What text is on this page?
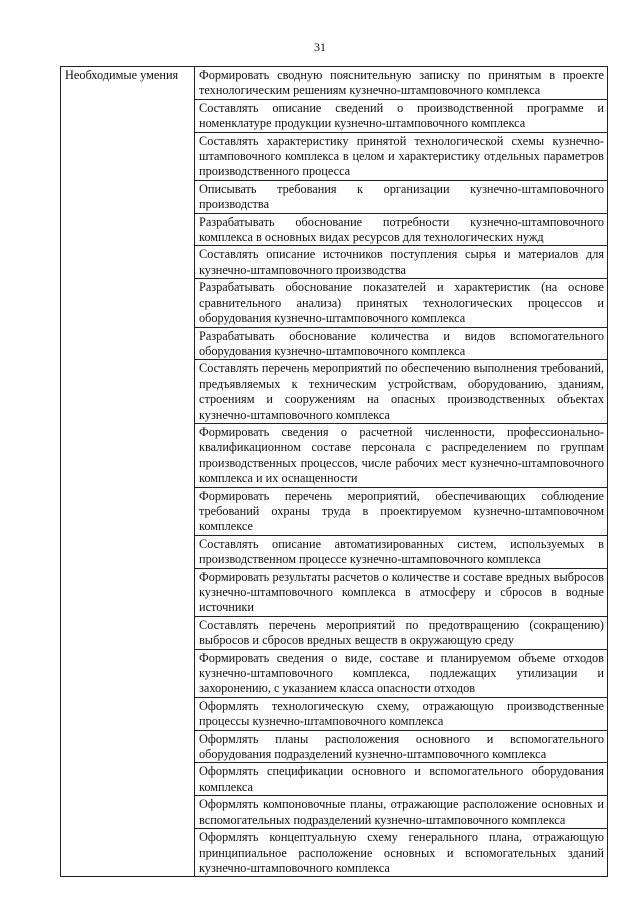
31
Необходимые умения	Формировать сводную пояснительную записку по принятым в проекте технологическим решениям кузнечно-штамповочного комплекса
Составлять описание сведений о производственной программе и номенклатуре продукции кузнечно-штамповочного комплекса
Составлять характеристику принятой технологической схемы кузнечно-штамповочного комплекса в целом и характеристику отдельных параметров производственного процесса
Описывать требования к организации кузнечно-штамповочного производства
Разрабатывать обоснование потребности кузнечно-штамповочного комплекса в основных видах ресурсов для технологических нужд
Составлять описание источников поступления сырья и материалов для кузнечно-штамповочного производства
Разрабатывать обоснование показателей и характеристик (на основе сравнительного анализа) принятых технологических процессов и оборудования кузнечно-штамповочного комплекса
Разрабатывать обоснование количества и видов вспомогательного оборудования кузнечно-штамповочного комплекса
Составлять перечень мероприятий по обеспечению выполнения требований, предъявляемых к техническим устройствам, оборудованию, зданиям, строениям и сооружениям на опасных производственных объектах кузнечно-штамповочного комплекса
Формировать сведения о расчетной численности, профессионально-квалификационном составе персонала с распределением по группам производственных процессов, числе рабочих мест кузнечно-штамповочного комплекса и их оснащенности
Формировать перечень мероприятий, обеспечивающих соблюдение требований охраны труда в проектируемом кузнечно-штамповочном комплексе
Составлять описание автоматизированных систем, используемых в производственном процессе кузнечно-штамповочного комплекса
Формировать результаты расчетов о количестве и составе вредных выбросов кузнечно-штамповочного комплекса в атмосферу и сбросов в водные источники
Составлять перечень мероприятий по предотвращению (сокращению) выбросов и сбросов вредных веществ в окружающую среду
Формировать сведения о виде, составе и планируемом объеме отходов кузнечно-штамповочного комплекса, подлежащих утилизации и захоронению, с указанием класса опасности отходов
Оформлять технологическую схему, отражающую производственные процессы кузнечно-штамповочного комплекса
Оформлять планы расположения основного и вспомогательного оборудования подразделений кузнечно-штамповочного комплекса
Оформлять спецификации основного и вспомогательного оборудования комплекса
Оформлять компоновочные планы, отражающие расположение основных и вспомогательных подразделений кузнечно-штамповочного комплекса
Оформлять концептуальную схему генерального плана, отражающую принципиальное расположение основных и вспомогательных зданий кузнечно-штамповочного комплекса
